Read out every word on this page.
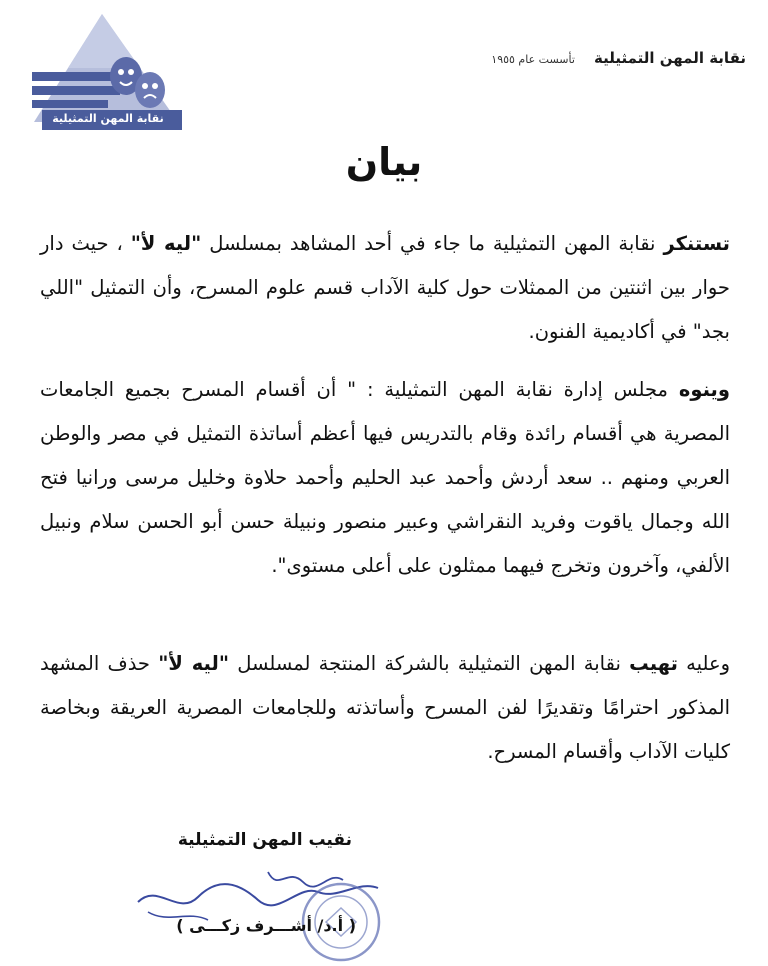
نقابة المهن التمثيلية
نقابة المهن التمثيلية تأسست عام ١٩٥٥
بيان
تستنكر نقابة المهن التمثيلية ما جاء في أحد المشاهد بمسلسل "ليه لأ" ، حيث دار حوار بين اثنتين من الممثلات حول كلية الآداب قسم علوم المسرح، وأن التمثيل "اللي بجد" في أكاديمية الفنون.
وينوه مجلس إدارة نقابة المهن التمثيلية : " أن أقسام المسرح بجميع الجامعات المصرية هي أقسام رائدة وقام بالتدريس فيها أعظم أساتذة التمثيل في مصر والوطن العربي ومنهم .. سعد أردش وأحمد عبد الحليم وأحمد حلاوة وخليل مرسى ورانيا فتح الله وجمال ياقوت وفريد النقراشي وعبير منصور ونبيلة حسن أبو الحسن سلام ونبيل الألفي، وآخرون وتخرج فيهما ممثلون على أعلى مستوى".
وعليه تهيب نقابة المهن التمثيلية بالشركة المنتجة لمسلسل "ليه لأ" حذف المشهد المذكور احترامًا وتقديرًا لفن المسرح وأساتذته وللجامعات المصرية العريقة وبخاصة كليات الآداب وأقسام المسرح.
نقيب المهن التمثيلية
( أ.د/ أشـــرف زكـــى )
